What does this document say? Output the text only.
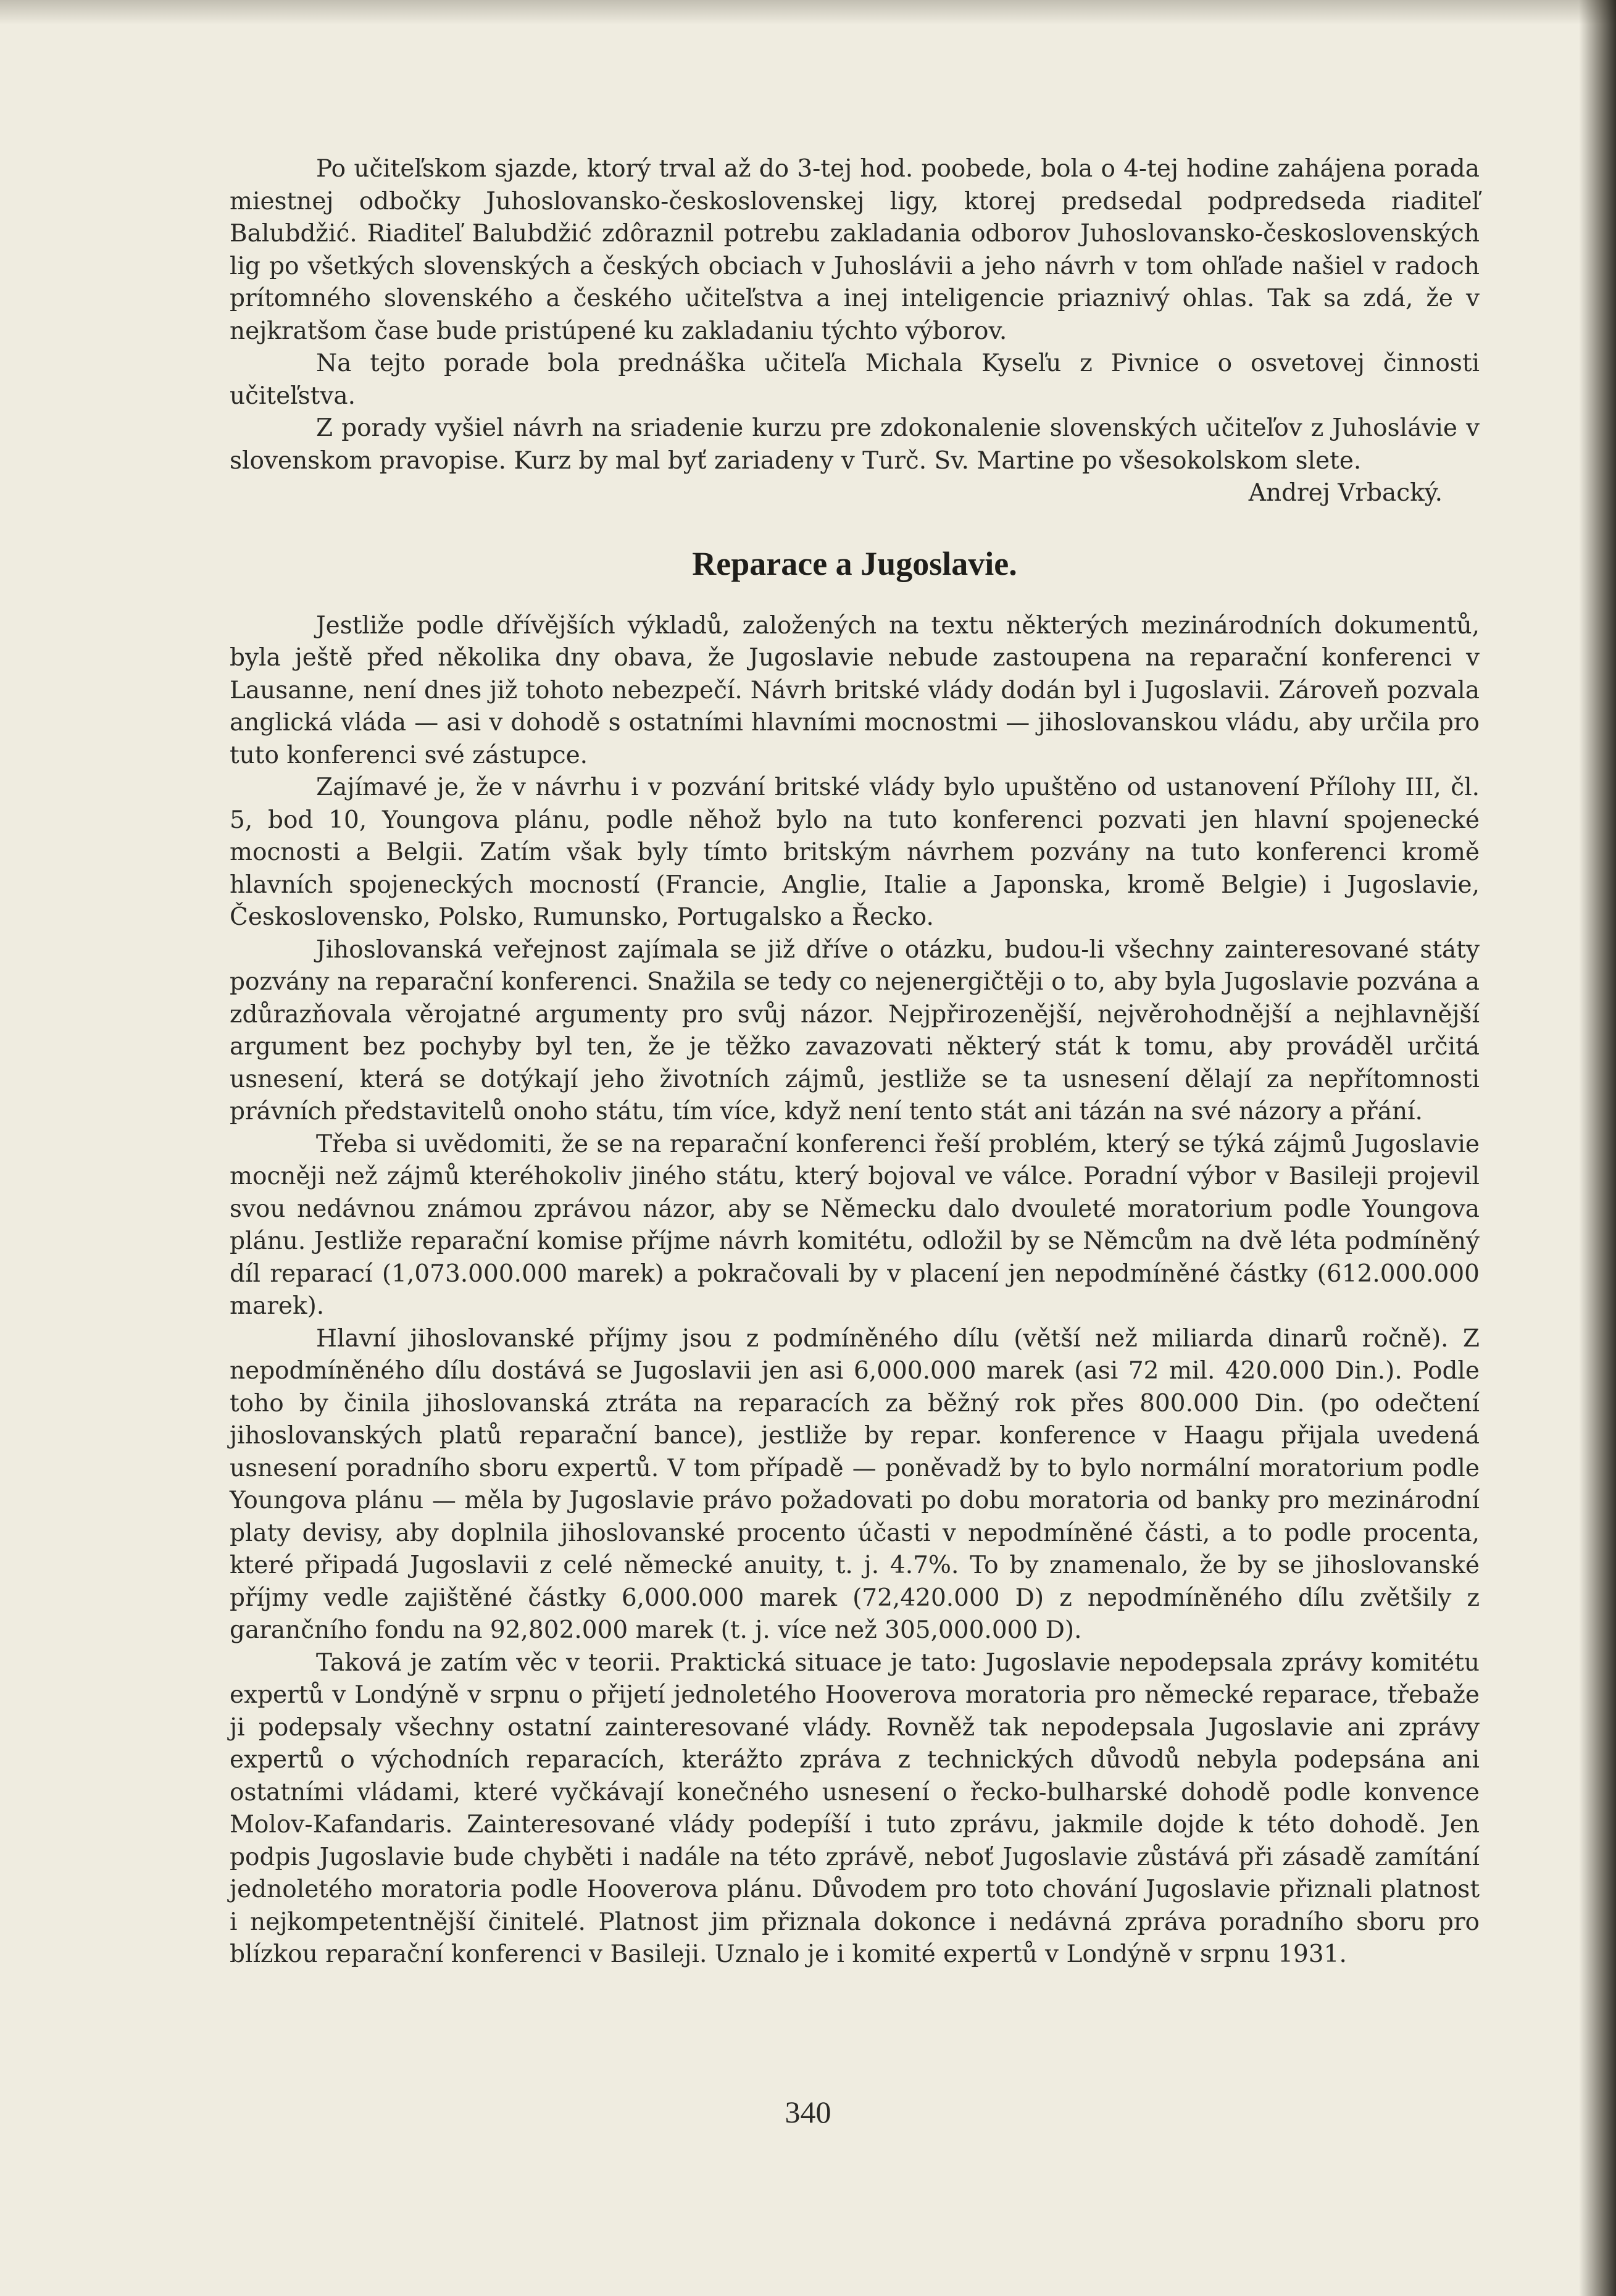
Po učiteľskom sjazde, ktorý trval až do 3-tej hod. poobede, bola o 4-tej hodine zahájena porada miestnej odbočky Juhoslovansko-československej ligy, ktorej predsedal podpredseda riaditeľ Balubdžić. Riaditeľ Balubdžić zdôraznil potrebu zakladania odborov Juhoslovansko-československých lig po všetkých slovenských a českých obciach v Juhoslávii a jeho návrh v tom ohľade našiel v radoch prítomného slovenského a českého učiteľstva a inej inteligencie priaznivý ohlas. Tak sa zdá, že v nejkratšom čase bude pristúpené ku zakladaniu týchto výborov.

Na tejto porade bola prednáška učiteľa Michala Kyseľu z Pivnice o osvetovej činnosti učiteľstva.

Z porady vyšiel návrh na sriadenie kurzu pre zdokonalenie slovenských učiteľov z Juhoslávie v slovenskom pravopise. Kurz by mal byť zariadeny v Turč. Sv. Martine po všesokolskom slete.

Andrej Vrbacký.
Reparace a Jugoslavie.

Jestliže podle dřívějších výkladů, založených na textu některých mezinárodních dokumentů, byla ještě před několika dny obava, že Jugoslavie nebude zastoupena na reparační konferenci v Lausanne, není dnes již tohoto nebezpečí. Návrh britské vlády dodán byl i Jugoslavii. Zároveň pozvala anglická vláda — asi v dohodě s ostatními hlavními mocnostmi — jihoslovanskou vládu, aby určila pro tuto konferenci své zástupce.

Zajímavé je, že v návrhu i v pozvání britské vlády bylo upuštěno od ustanovení Přílohy III, čl. 5, bod 10, Youngova plánu, podle něhož bylo na tuto konferenci pozvati jen hlavní spojenecké mocnosti a Belgii. Zatím však byly tímto britským návrhem pozvány na tuto konferenci kromě hlavních spojeneckých mocností (Francie, Anglie, Italie a Japonska, kromě Belgie) i Jugoslavie, Československo, Polsko, Rumunsko, Portugalsko a Řecko.

Jihoslovanská veřejnost zajímala se již dříve o otázku, budou-li všechny zainteresované státy pozvány na reparační konferenci. Snažila se tedy co nejenergičtěji o to, aby byla Jugoslavie pozvána a zdůrazňovala věrojatné argumenty pro svůj názor. Nejpřirozenější, nejvěrohodnější a nejhlavnější argument bez pochyby byl ten, že je těžko zavazovati některý stát k tomu, aby prováděl určitá usnesení, která se dotýkají jeho životních zájmů, jestliže se ta usnesení dělají za nepřítomnosti právních představitelů onoho státu, tím více, když není tento stát ani tázán na své názory a přání.

Třeba si uvědomiti, že se na reparační konferenci řeší problém, který se týká zájmů Jugoslavie mocněji než zájmů kteréhokoliv jiného státu, který bojoval ve válce. Poradní výbor v Basileji projevil svou nedávnou známou zprávou názor, aby se Německu dalo dvouleté moratorium podle Youngova plánu. Jestliže reparační komise příjme návrh komitétu, odložil by se Němcům na dvě léta podmíněný díl reparací (1,073.000.000 marek) a pokračovali by v placení jen nepodmíněné částky (612.000.000 marek).

Hlavní jihoslovanské příjmy jsou z podmíněného dílu (větší než miliarda dinarů ročně). Z nepodmíněného dílu dostává se Jugoslavii jen asi 6,000.000 marek (asi 72 mil. 420.000 Din.). Podle toho by činila jihoslovanská ztráta na reparacích za běžný rok přes 800.000 Din. (po odečtení jihoslovanských platů reparační bance), jestliže by repar. konference v Haagu přijala uvedená usnesení poradního sboru expertů. V tom případě — poněvadž by to bylo normální moratorium podle Youngova plánu — měla by Jugoslavie právo požadovati po dobu moratoria od banky pro mezinárodní platy devisy, aby doplnila jihoslovanské procento účasti v nepodmíněné části, a to podle procenta, které připadá Jugoslavii z celé německé anuity, t. j. 4.7%. To by znamenalo, že by se jihoslovanské příjmy vedle zajištěné částky 6,000.000 marek (72,420.000 D) z nepodmíněného dílu zvětšily z garančního fondu na 92,802.000 marek (t. j. více než 305,000.000 D).

Taková je zatím věc v teorii. Praktická situace je tato: Jugoslavie nepodepsala zprávy komitétu expertů v Londýně v srpnu o přijetí jednoletého Hooverova moratoria pro německé reparace, třebaže ji podepsaly všechny ostatní zainteresované vlády. Rovněž tak nepodepsala Jugoslavie ani zprávy expertů o východních reparacích, kterážto zpráva z technických důvodů nebyla podepsána ani ostatními vládami, které vyčkávají konečného usnesení o řecko-bulharské dohodě podle konvence Molov-Kafandaris. Zainteresované vlády podepíší i tuto zprávu, jakmile dojde k této dohodě. Jen podpis Jugoslavie bude chyběti i nadále na této zprávě, neboť Jugoslavie zůstává při zásadě zamítání jednoletého moratoria podle Hooverova plánu. Důvodem pro toto chování Jugoslavie přiznali platnost i nejkompetentnější činitelé. Platnost jim přiznala dokonce i nedávná zpráva poradního sboru pro blízkou reparační konferenci v Basileji. Uznalo je i komité expertů v Londýně v srpnu 1931.

340
